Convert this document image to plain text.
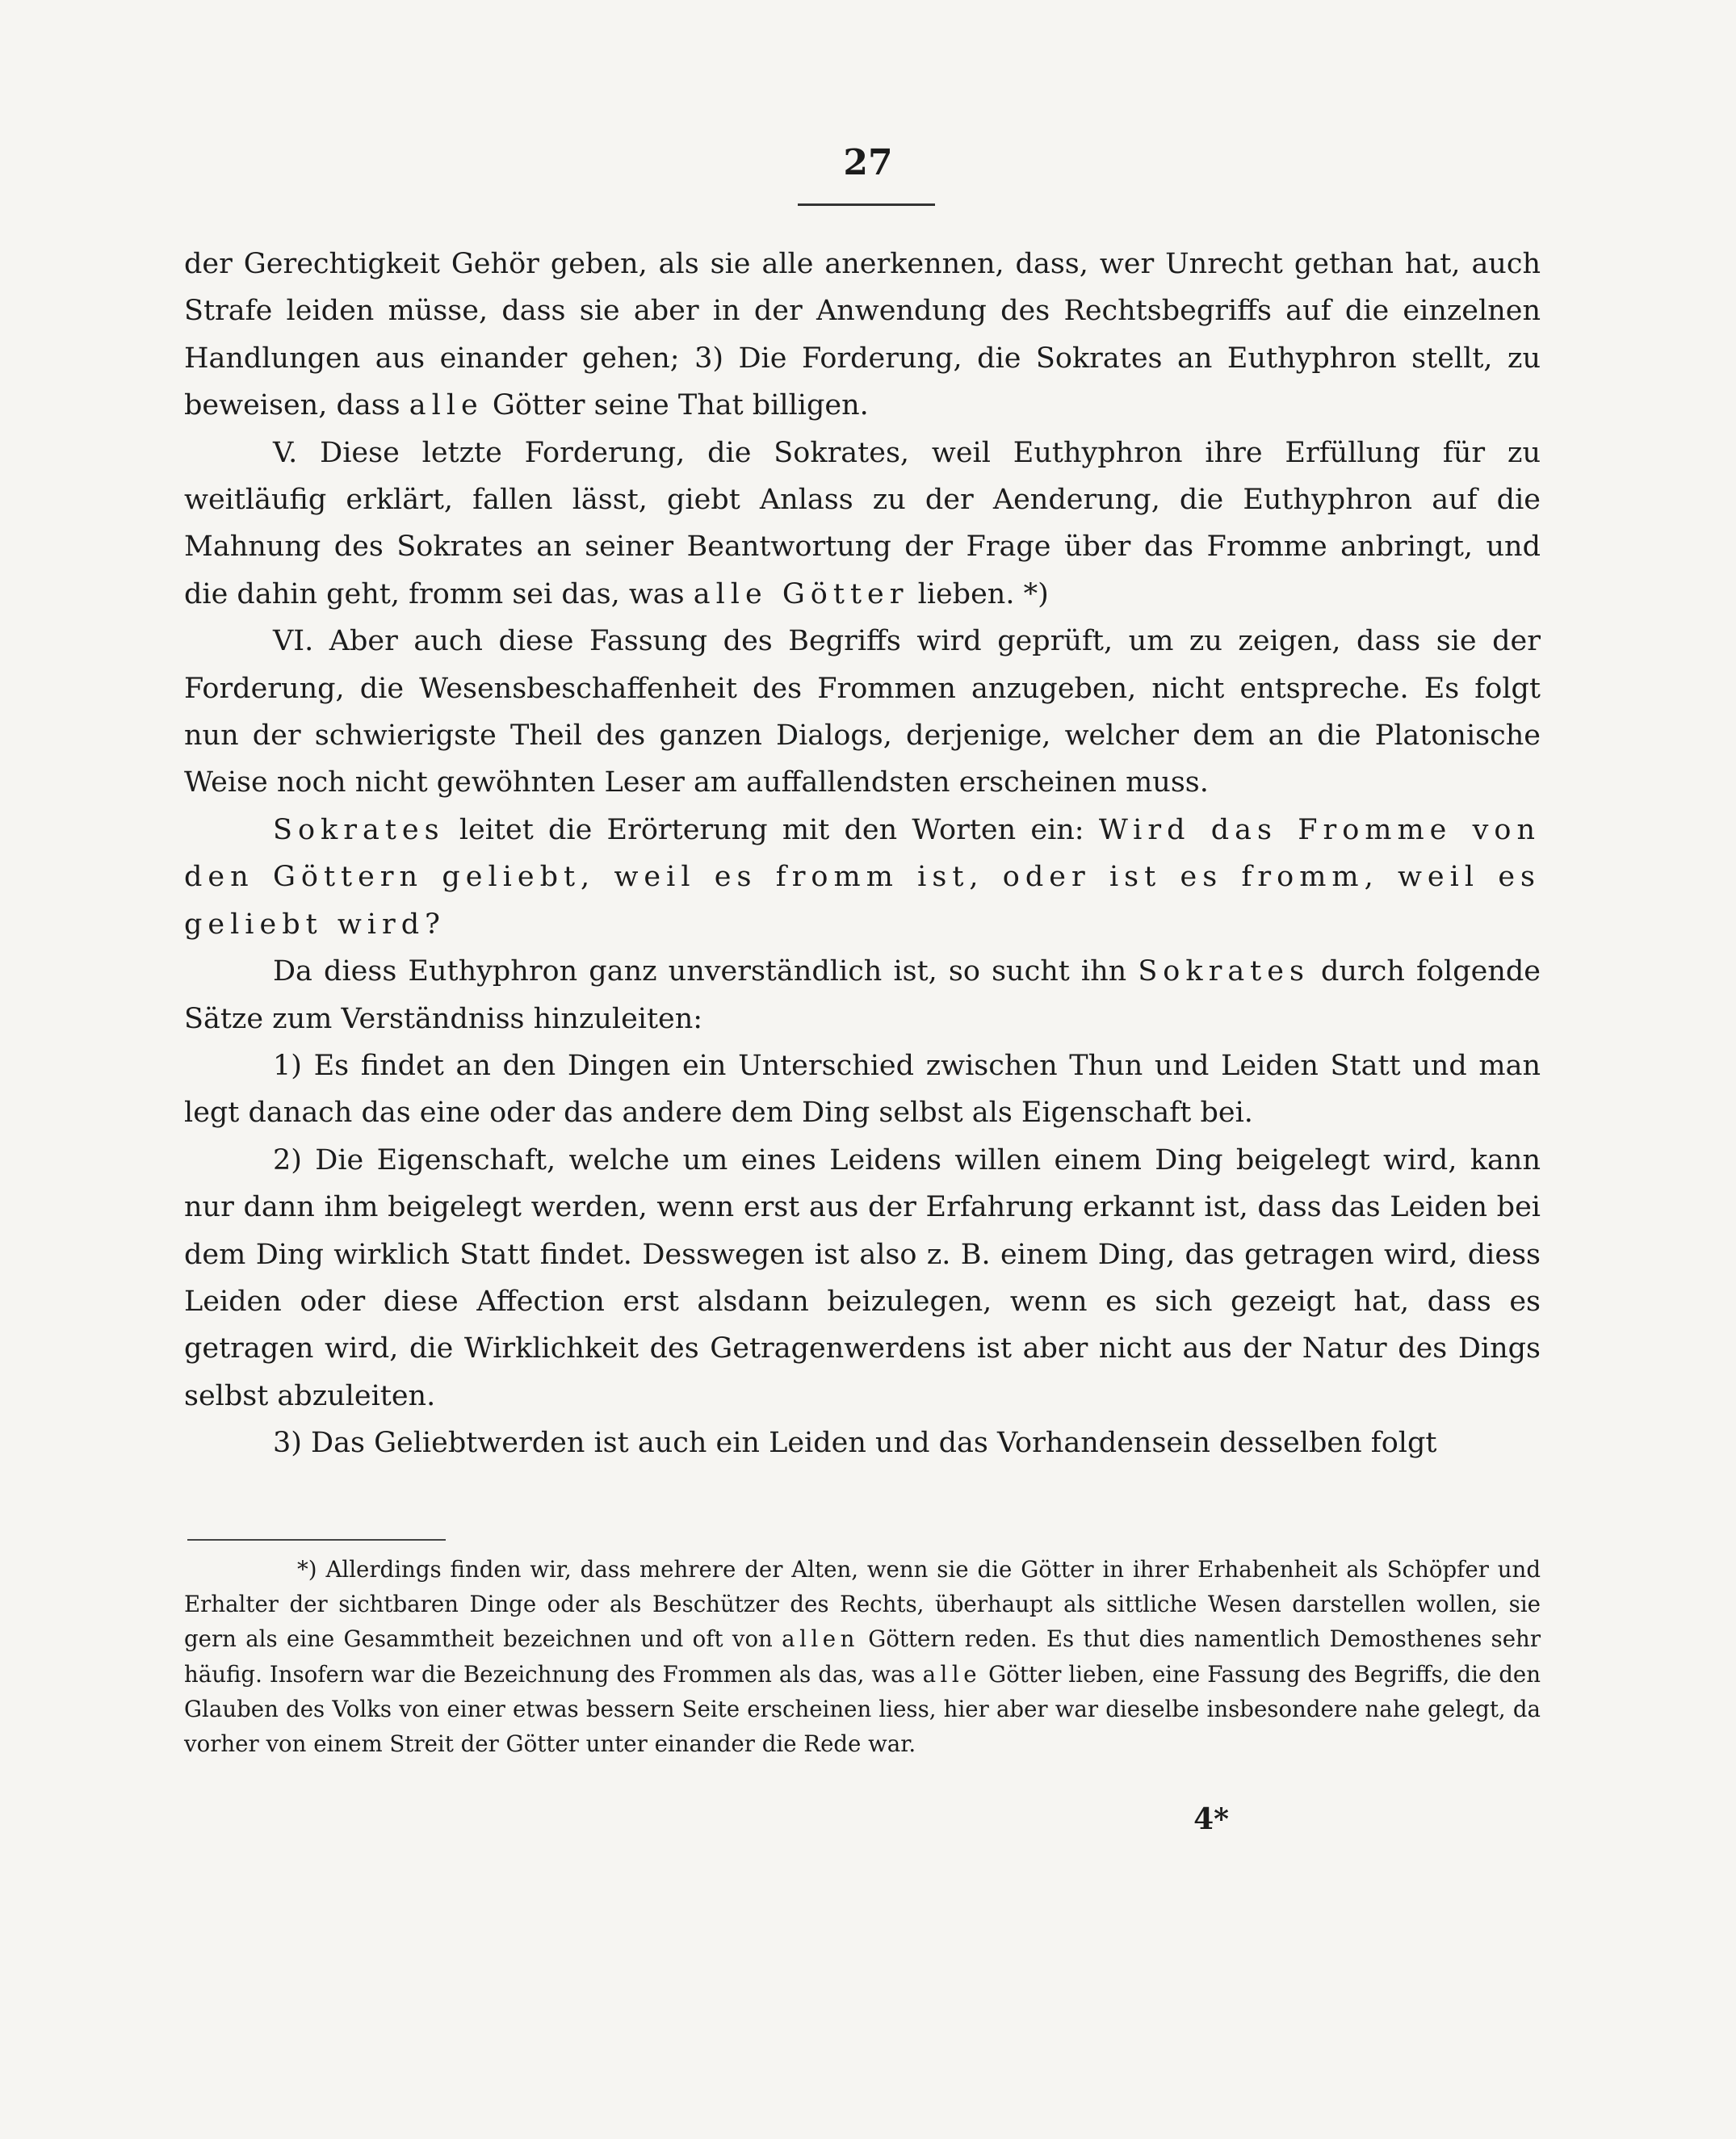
27

der Gerechtigkeit Gehör geben, als sie alle anerkennen, dass, wer Unrecht gethan hat, auch Strafe leiden müsse, dass sie aber in der Anwendung des Rechtsbegriffs auf die einzelnen Handlungen aus einander gehen; 3) Die Forderung, die Sokrates an Euthyphron stellt, zu beweisen, dass alle Götter seine That billigen.

V. Diese letzte Forderung, die Sokrates, weil Euthyphron ihre Erfüllung für zu weitläufig erklärt, fallen lässt, giebt Anlass zu der Aenderung, die Euthyphron auf die Mahnung des Sokrates an seiner Beantwortung der Frage über das Fromme anbringt, und die dahin geht, fromm sei das, was alle Götter lieben. *)

VI. Aber auch diese Fassung des Begriffs wird geprüft, um zu zeigen, dass sie der Forderung, die Wesensbeschaffenheit des Frommen anzugeben, nicht entspreche. Es folgt nun der schwierigste Theil des ganzen Dialogs, derjenige, welcher dem an die Platonische Weise noch nicht gewöhnten Leser am auffallendsten erscheinen muss.

Sokrates leitet die Erörterung mit den Worten ein: Wird das Fromme von den Göttern geliebt, weil es fromm ist, oder ist es fromm, weil es geliebt wird?

Da diess Euthyphron ganz unverständlich ist, so sucht ihn Sokrates durch folgende Sätze zum Verständniss hinzuleiten:

1) Es findet an den Dingen ein Unterschied zwischen Thun und Leiden Statt und man legt danach das eine oder das andere dem Ding selbst als Eigenschaft bei.

2) Die Eigenschaft, welche um eines Leidens willen einem Ding beigelegt wird, kann nur dann ihm beigelegt werden, wenn erst aus der Erfahrung erkannt ist, dass das Leiden bei dem Ding wirklich Statt findet. Desswegen ist also z. B. einem Ding, das getragen wird, diess Leiden oder diese Affection erst alsdann beizulegen, wenn es sich gezeigt hat, dass es getragen wird, die Wirklichkeit des Getragenwerdens ist aber nicht aus der Natur des Dings selbst abzuleiten.

3) Das Geliebtwerden ist auch ein Leiden und das Vorhandensein desselben folgt

*) Allerdings finden wir, dass mehrere der Alten, wenn sie die Götter in ihrer Erhabenheit als Schöpfer und Erhalter der sichtbaren Dinge oder als Beschützer des Rechts, überhaupt als sittliche Wesen darstellen wollen, sie gern als eine Gesammtheit bezeichnen und oft von allen Göttern reden. Es thut dies namentlich Demosthenes sehr häufig. Insofern war die Bezeichnung des Frommen als das, was alle Götter lieben, eine Fassung des Begriffs, die den Glauben des Volks von einer etwas bessern Seite erscheinen liess, hier aber war dieselbe insbesondere nahe gelegt, da vorher von einem Streit der Götter unter einander die Rede war.

4*
